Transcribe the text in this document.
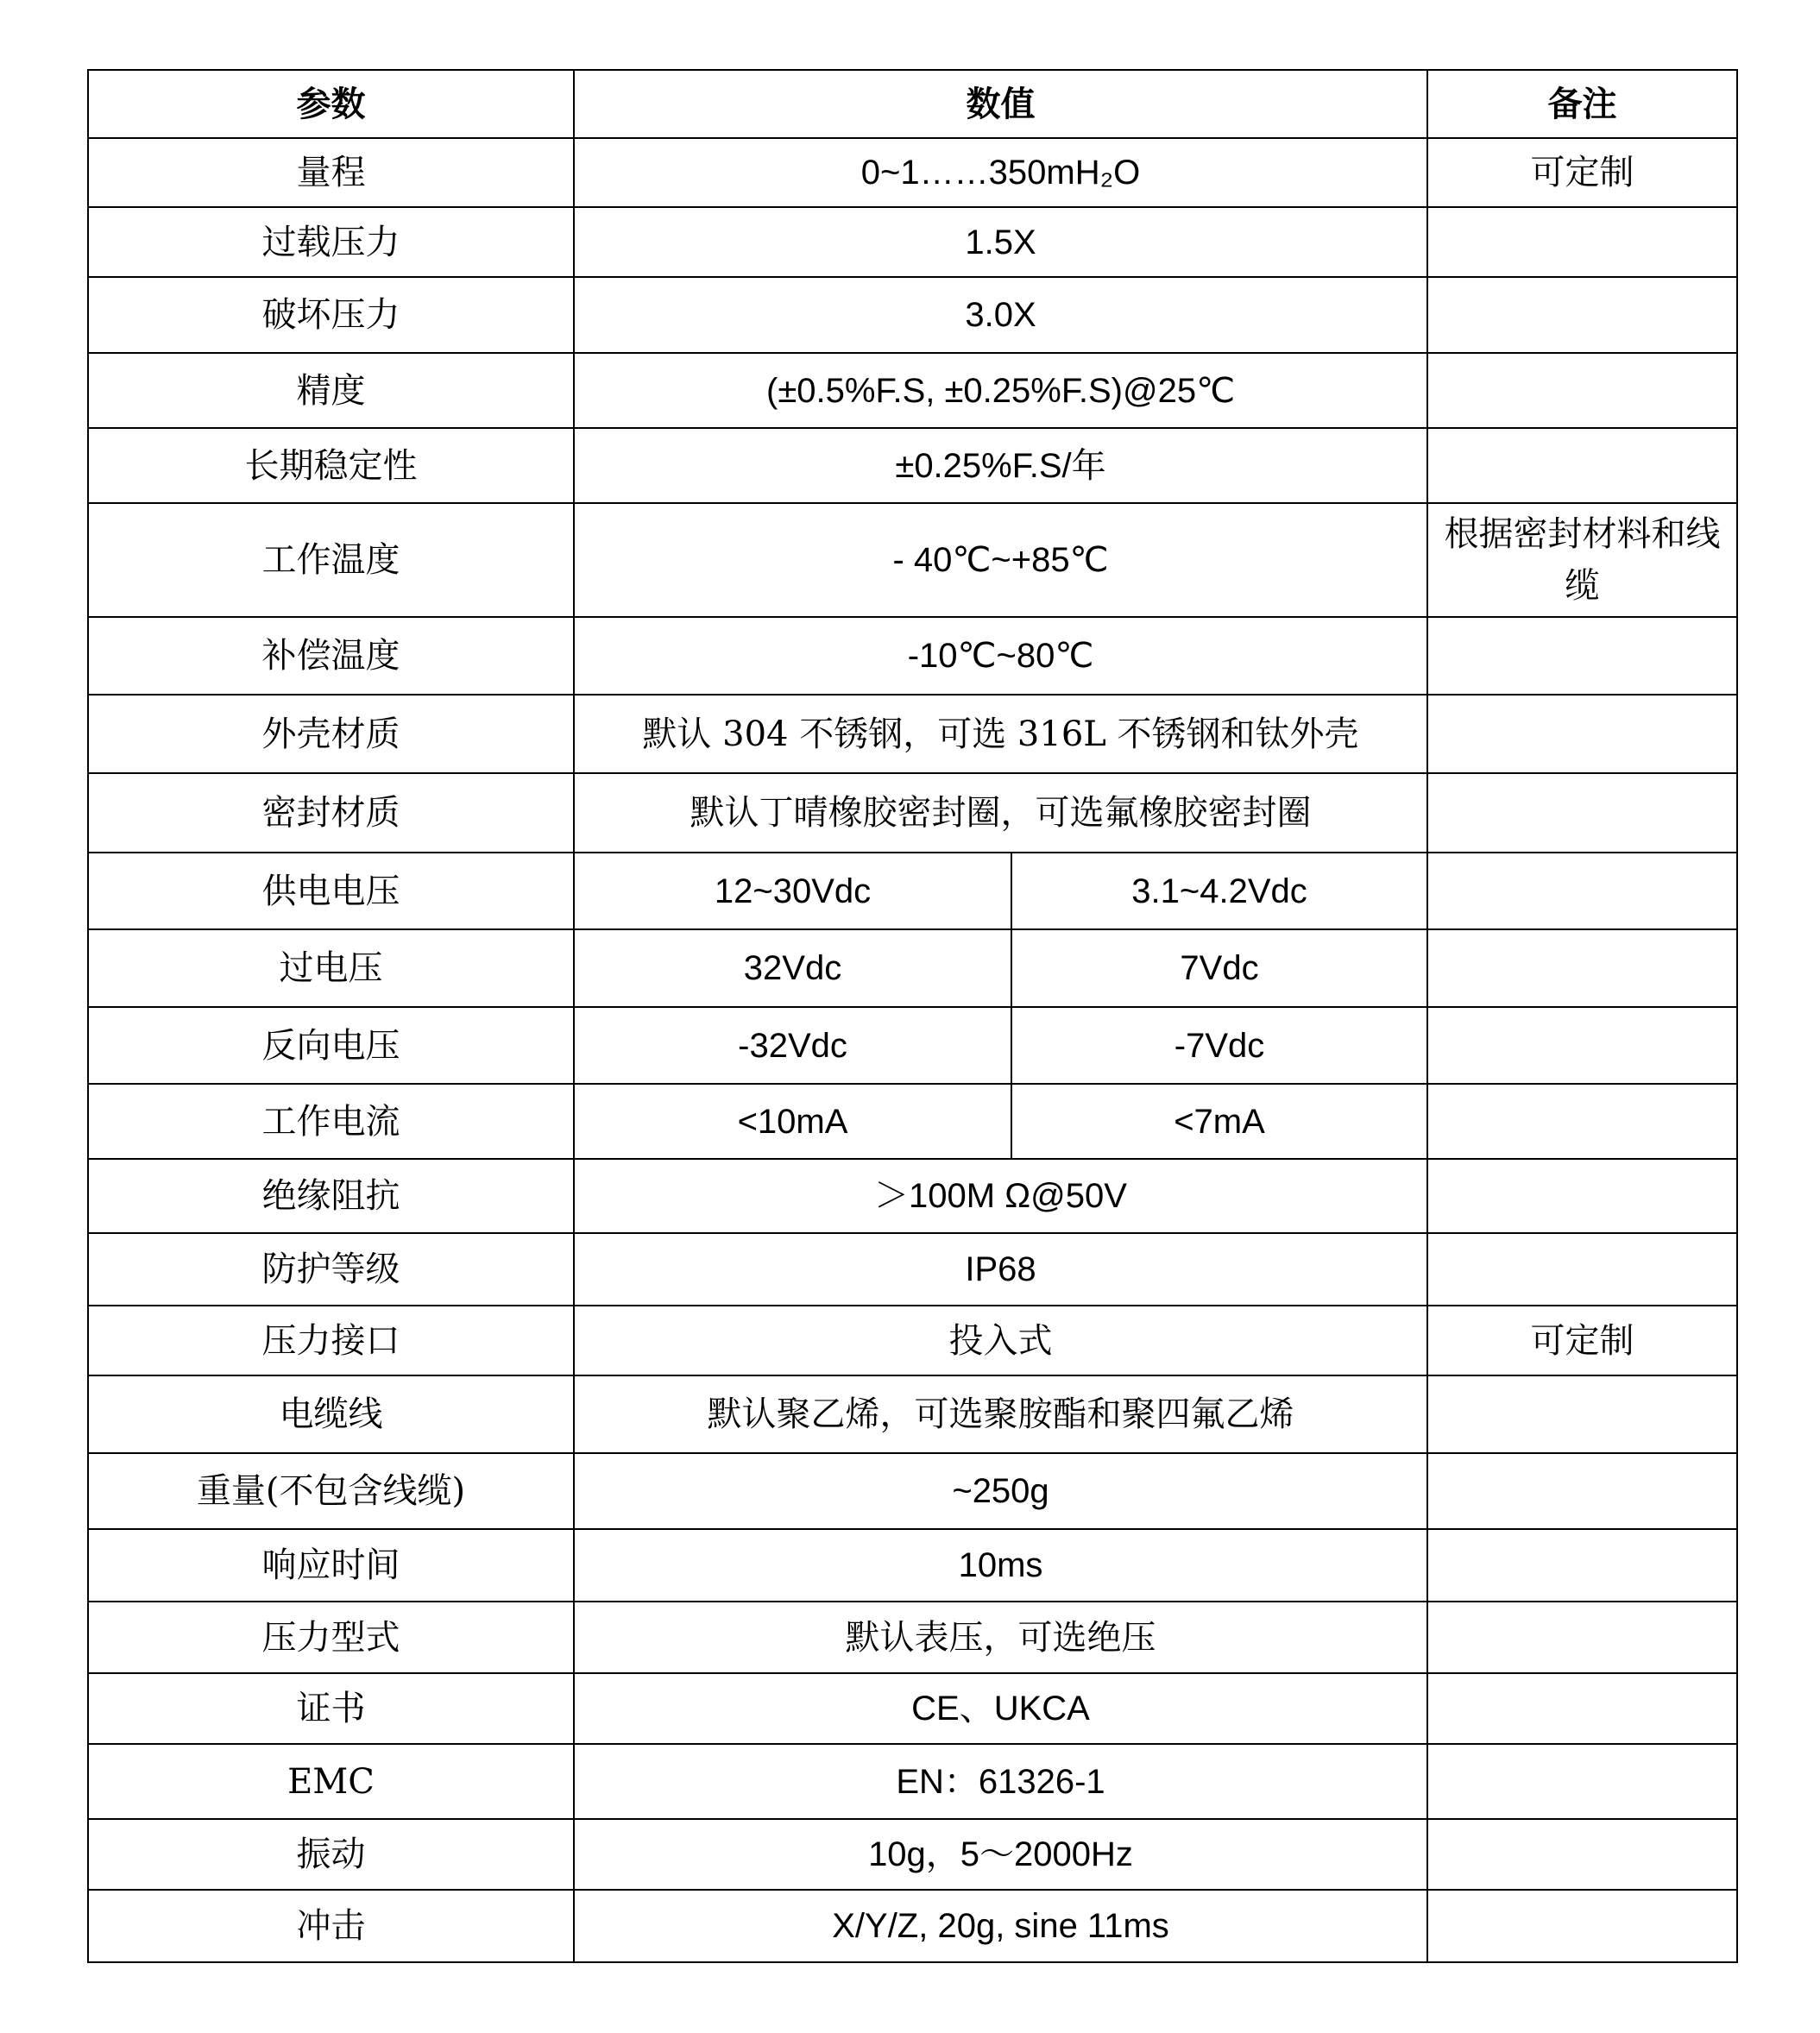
参数	数值		备注
量程	0~1……350mH₂O		可定制
过载压力	1.5X		
破坏压力	3.0X		
精度	(±0.5%F.S, ±0.25%F.S)@25℃		
长期稳定性	±0.25%F.S/年		
工作温度	- 40℃~+85℃		根据密封材料和线缆
补偿温度	-10℃~80℃		
外壳材质	默认 304 不锈钢，可选 316L 不锈钢和钛外壳		
密封材质	默认丁晴橡胶密封圈，可选氟橡胶密封圈		
供电电压	12~30Vdc	3.1~4.2Vdc	
过电压	32Vdc	7Vdc	
反向电压	-32Vdc	-7Vdc	
工作电流	<10mA	<7mA	
绝缘阻抗	＞100M Ω@50V		
防护等级	IP68		
压力接口	投入式		可定制
电缆线	默认聚乙烯，可选聚胺酯和聚四氟乙烯		
重量(不包含线缆)	~250g		
响应时间	10ms		
压力型式	默认表压，可选绝压		
证书	CE、UKCA		
EMC	EN：61326-1		
振动	10g，5～2000Hz		
冲击	X/Y/Z, 20g, sine 11ms		
